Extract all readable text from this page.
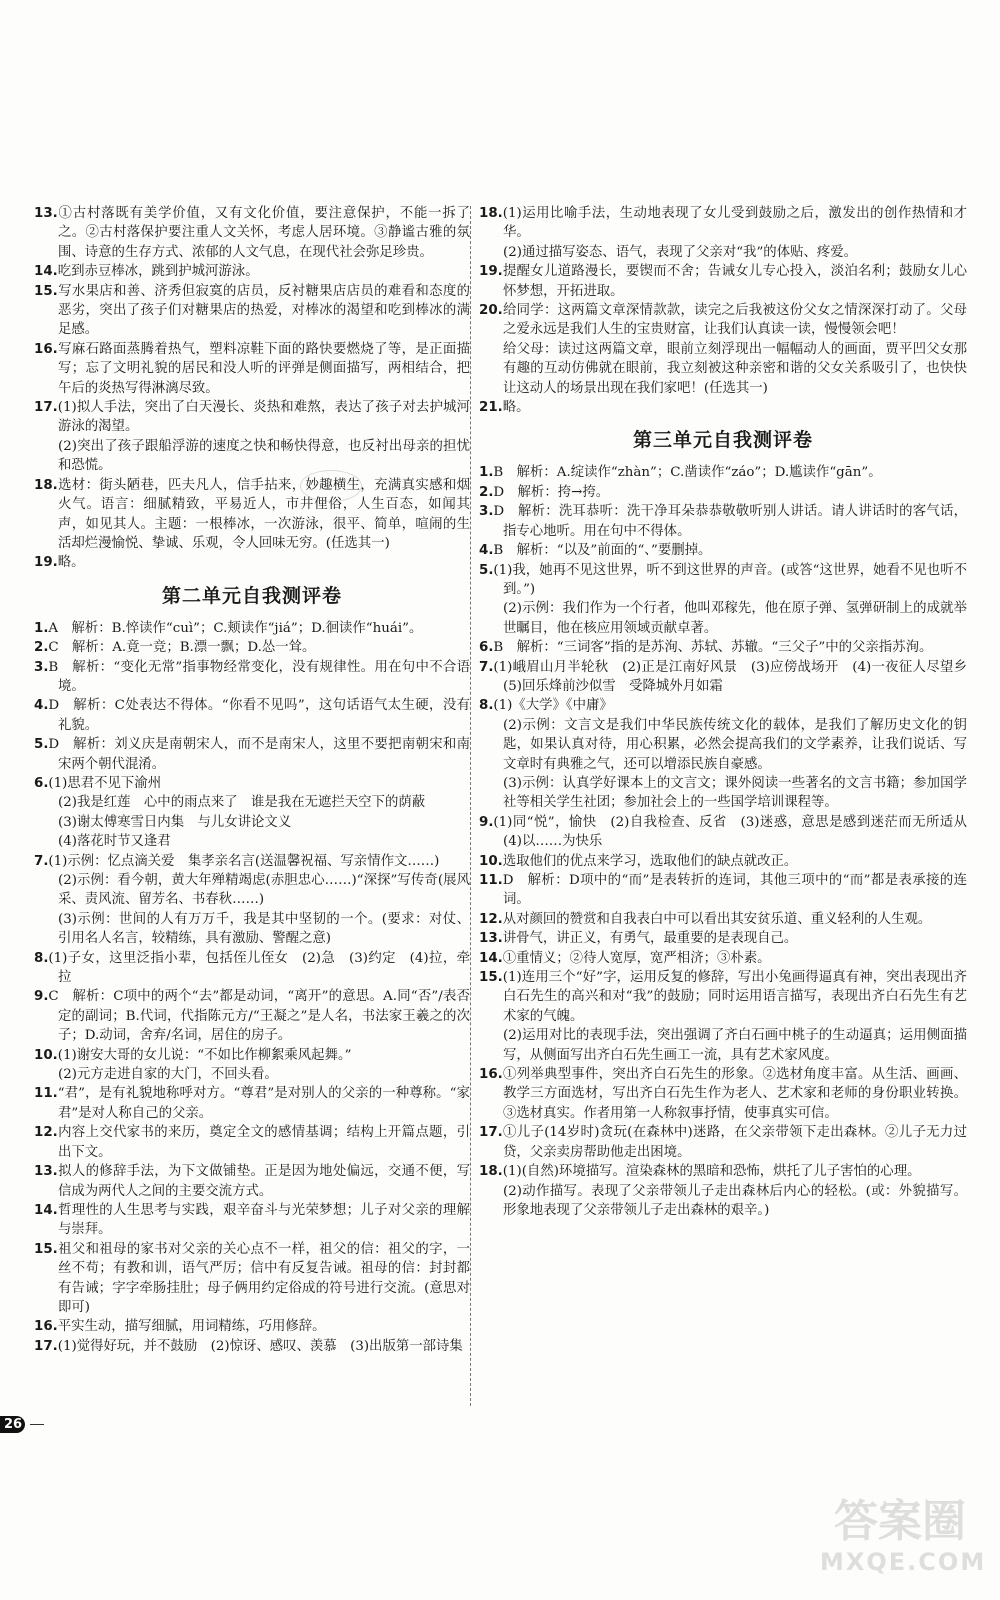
13.①古村落既有美学价值，又有文化价值，要注意保护，不能一拆了之。②古村落保护要注重人文关怀，考虑人居环境。③静谧古雅的氛围、诗意的生存方式、浓郁的人文气息，在现代社会弥足珍贵。

14.吃到赤豆棒冰，跳到护城河游泳。

15.写水果店和善、济秀但寂寞的店员，反衬糖果店店员的难看和态度的恶劣，突出了孩子们对糖果店的热爱，对棒冰的渴望和吃到棒冰的满足感。

16.写麻石路面蒸腾着热气，塑料凉鞋下面的路快要燃烧了等，是正面描写；忘了文明礼貌的居民和没人听的评弹是侧面描写，两相结合，把午后的炎热写得淋漓尽致。

17.(1)拟人手法，突出了白天漫长、炎热和难熬，表达了孩子对去护城河游泳的渴望。
(2)突出了孩子跟船浮游的速度之快和畅快得意，也反衬出母亲的担忧和恐慌。

18.选材：街头陋巷，匹夫凡人，信手拈来，妙趣横生，充满真实感和烟火气。语言：细腻精致，平易近人，市井俚俗，人生百态，如闻其声，如见其人。主题：一根棒冰，一次游泳，很平、简单，喧闹的生活却烂漫愉悦、挚诚、乐观，令人回味无穷。(任选其一)

19.略。

第二单元自我测评卷

1.A　解析：B.悴读作“cuì”；C.颊读作“jiá”；D.徊读作“huái”。

2.C　解析：A.竟一竞；B.漂一飘；D.怂一耸。

3.B　解析：“变化无常”指事物经常变化，没有规律性。用在句中不合语境。

4.D　解析：C处表达不得体。“你看不见吗”，这句话语气太生硬，没有礼貌。

5.D　解析：刘义庆是南朝宋人，而不是南宋人，这里不要把南朝宋和南宋两个朝代混淆。

6.(1)思君不见下渝州
(2)我是红莲　心中的雨点来了　谁是我在无遮拦天空下的荫蔽
(3)谢太傅寒雪日内集　与儿女讲论文义
(4)落花时节又逢君

7.(1)示例：忆点滴关爱　集孝亲名言(送温馨祝福、写亲情作文……)
(2)示例：看今朝，黄大年殚精竭虑(赤胆忠心……)“深探”写传奇(展风采、责风流、留芳名、书春秋……)
(3)示例：世间的人有万万千，我是其中坚韧的一个。(要求：对仗、引用名人名言，较精练，具有激励、警醒之意)

8.(1)子女，这里泛指小辈，包括侄儿侄女　(2)急　(3)约定　(4)拉，牵拉

9.C　解析：C项中的两个“去”都是动词，“离开”的意思。A.同“否”/表否定的副词；B.代词，代指陈元方/“王凝之”是人名，书法家王羲之的次子；D.动词，舍弃/名词，居住的房子。

10.(1)谢安大哥的女儿说：“不如比作柳絮乘风起舞。”
(2)元方走进自家的大门，不回头看。

11.“君”，是有礼貌地称呼对方。“尊君”是对别人的父亲的一种尊称。“家君”是对人称自己的父亲。

12.内容上交代家书的来历，奠定全文的感情基调；结构上开篇点题，引出下文。

13.拟人的修辞手法，为下文做铺垫。正是因为地处偏远，交通不便，写信成为两代人之间的主要交流方式。

14.哲理性的人生思考与实践，艰辛奋斗与光荣梦想；儿子对父亲的理解与崇拜。

15.祖父和祖母的家书对父亲的关心点不一样，祖父的信：祖父的字，一丝不苟；有教和训，语气严厉；信中有反复告诫。祖母的信：封封都有告诫；字字牵肠挂肚；母子俩用约定俗成的符号进行交流。(意思对即可)

16.平实生动，描写细腻，用词精练，巧用修辞。

17.(1)觉得好玩，并不鼓励　(2)惊讶、感叹、羡慕　(3)出版第一部诗集

18.(1)运用比喻手法，生动地表现了女儿受到鼓励之后，激发出的创作热情和才华。
(2)通过描写姿态、语气，表现了父亲对“我”的体贴、疼爱。

19.提醒女儿道路漫长，要锲而不舍；告诫女儿专心投入，淡泊名利；鼓励女儿心怀梦想，开拓进取。

20.给同学：这两篇文章深情款款，读完之后我被这份父女之情深深打动了。父母之爱永远是我们人生的宝贵财富，让我们认真读一读，慢慢领会吧！
给父母：读过这两篇文章，眼前立刻浮现出一幅幅动人的画面，贾平凹父女那有趣的互动仿佛就在眼前，我立刻被这种亲密和谐的父女关系吸引了，也快快让这动人的场景出现在我们家吧！(任选其一)

21.略。

第三单元自我测评卷

1.B　解析：A.绽读作“zhàn”；C.凿读作“záo”；D.尴读作“gān”。

2.D　解析：挎→挎。

3.D　解析：洗耳恭听：洗干净耳朵恭恭敬敬听别人讲话。请人讲话时的客气话，指专心地听。用在句中不得体。

4.B　解析：“以及”前面的“、”要删掉。

5.(1)我，她再不见这世界，听不到这世界的声音。(或答“这世界，她看不见也听不到。”)
(2)示例：我们作为一个行者，他叫邓稼先，他在原子弹、氢弹研制上的成就举世瞩目，他在核应用领域贡献卓著。

6.B　解析：“三词客”指的是苏洵、苏轼、苏辙。“三父子”中的父亲指苏洵。

7.(1)峨眉山月半轮秋　(2)正是江南好风景　(3)应傍战场开　(4)一夜征人尽望乡　(5)回乐烽前沙似雪　受降城外月如霜

8.(1)《大学》《中庸》
(2)示例：文言文是我们中华民族传统文化的载体，是我们了解历史文化的钥匙，如果认真对待，用心积累，必然会提高我们的文学素养，让我们说话、写文章时有典雅之气，还可以增添民族自豪感。
(3)示例：认真学好课本上的文言文；课外阅读一些著名的文言书籍；参加国学社等相关学生社团；参加社会上的一些国学培训课程等。

9.(1)同“悦”，愉快　(2)自我检查、反省　(3)迷惑，意思是感到迷茫而无所适从　(4)以……为快乐

10.选取他们的优点来学习，选取他们的缺点就改正。

11.D　解析：D项中的“而”是表转折的连词，其他三项中的“而”都是表承接的连词。

12.从对颜回的赞赏和自我表白中可以看出其安贫乐道、重义轻利的人生观。

13.讲骨气，讲正义，有勇气，最重要的是表现自己。

14.①重情义；②待人宽厚，宽严相济；③朴素。

15.(1)连用三个“好”字，运用反复的修辞，写出小兔画得逼真有神，突出表现出齐白石先生的高兴和对“我”的鼓励；同时运用语言描写，表现出齐白石先生有艺术家的气魄。
(2)运用对比的表现手法，突出强调了齐白石画中桃子的生动逼真；运用侧面描写，从侧面写出齐白石先生画工一流，具有艺术家风度。

16.①列举典型事件，突出齐白石先生的形象。②选材角度丰富。从生活、画画、教学三方面选材，写出齐白石先生作为老人、艺术家和老师的身份职业转换。③选材真实。作者用第一人称叙事抒情，使事真实可信。

17.①儿子(14岁时)贪玩(在森林中)迷路，在父亲带领下走出森林。②儿子无力过贷，父亲卖房帮助他走出困境。

18.(1)(自然)环境描写。渲染森林的黑暗和恐怖，烘托了儿子害怕的心理。
(2)动作描写。表现了父亲带领儿子走出森林后内心的轻松。(或：外貌描写。形象地表现了父亲带领儿子走出森林的艰辛。)

26
答案圈
MXQE.COM
